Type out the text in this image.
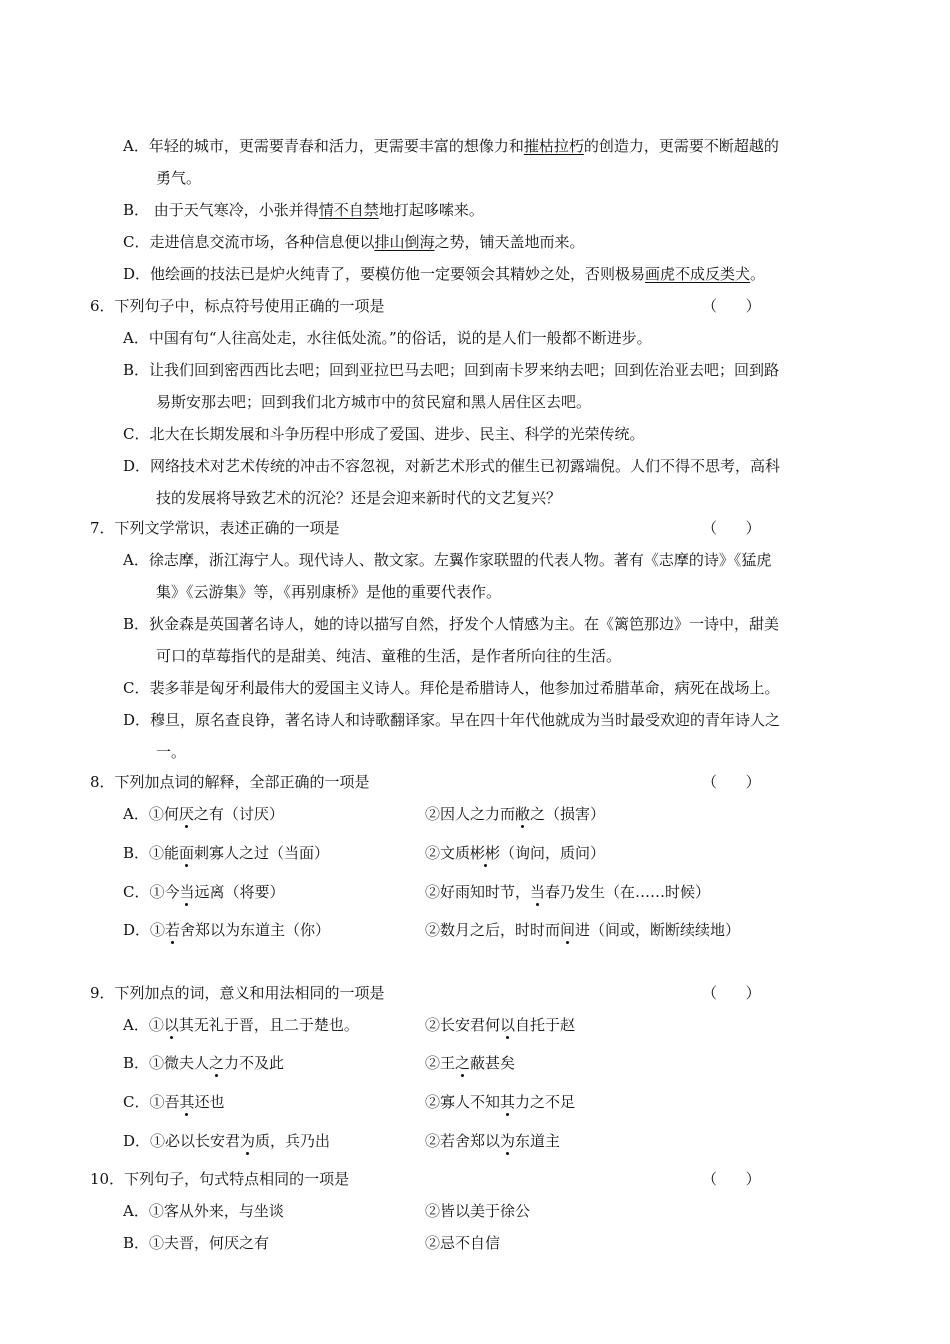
A．年轻的城市，更需要青春和活力，更需要丰富的想像力和摧枯拉朽的创造力，更需要不断超越的
勇气。
B． 由于天气寒冷，小张并得情不自禁地打起哆嗦来。
C．走进信息交流市场，各种信息便以排山倒海之势，铺天盖地而来。
D．他绘画的技法已是炉火纯青了，要模仿他一定要领会其精妙之处，否则极易画虎不成反类犬。
6．下列句子中，标点符号使用正确的一项是	（      ）
A．中国有句“人往高处走，水往低处流。”的俗话，说的是人们一般都不断进步。
B．让我们回到密西西比去吧；回到亚拉巴马去吧；回到南卡罗来纳去吧；回到佐治亚去吧；回到路
易斯安那去吧；回到我们北方城市中的贫民窟和黑人居住区去吧。
C．北大在长期发展和斗争历程中形成了爱国、进步、民主、科学的光荣传统。
D．网络技术对艺术传统的冲击不容忽视，对新艺术形式的催生已初露端倪。人们不得不思考，高科
技的发展将导致艺术的沉沦？还是会迎来新时代的文艺复兴？
7．下列文学常识，表述正确的一项是	（      ）
A．徐志摩，浙江海宁人。现代诗人、散文家。左翼作家联盟的代表人物。著有《志摩的诗》《猛虎
集》《云游集》等，《再别康桥》是他的重要代表作。
B．狄金森是英国著名诗人，她的诗以描写自然，抒发个人情感为主。在《篱笆那边》一诗中，甜美
可口的草莓指代的是甜美、纯洁、童稚的生活，是作者所向往的生活。
C．裴多菲是匈牙利最伟大的爱国主义诗人。拜伦是希腊诗人，他参加过希腊革命，病死在战场上。
D．穆旦，原名查良铮，著名诗人和诗歌翻译家。早在四十年代他就成为当时最受欢迎的青年诗人之
一。
8．下列加点词的解释，全部正确的一项是	（      ）
A．①何厌之有（讨厌）	②因人之力而敝之（损害）
B．①能面刺寡人之过（当面）	②文质彬彬（询问，质问）
C．①今当远离（将要）	②好雨知时节，当春乃发生（在……时候）
D．①若舍郑以为东道主（你）	②数月之后，时时而间进（间或，断断续续地）
9．下列加点的词，意义和用法相同的一项是	（      ）
A．①以其无礼于晋，且二于楚也。	②长安君何以自托于赵
B．①微夫人之力不及此	②王之蔽甚矣
C．①吾其还也	②寡人不知其力之不足
D．①必以长安君为质，兵乃出	②若舍郑以为东道主
10．下列句子，句式特点相同的一项是	（      ）
A．①客从外来，与坐谈	②皆以美于徐公
B．①夫晋，何厌之有	②忌不自信
